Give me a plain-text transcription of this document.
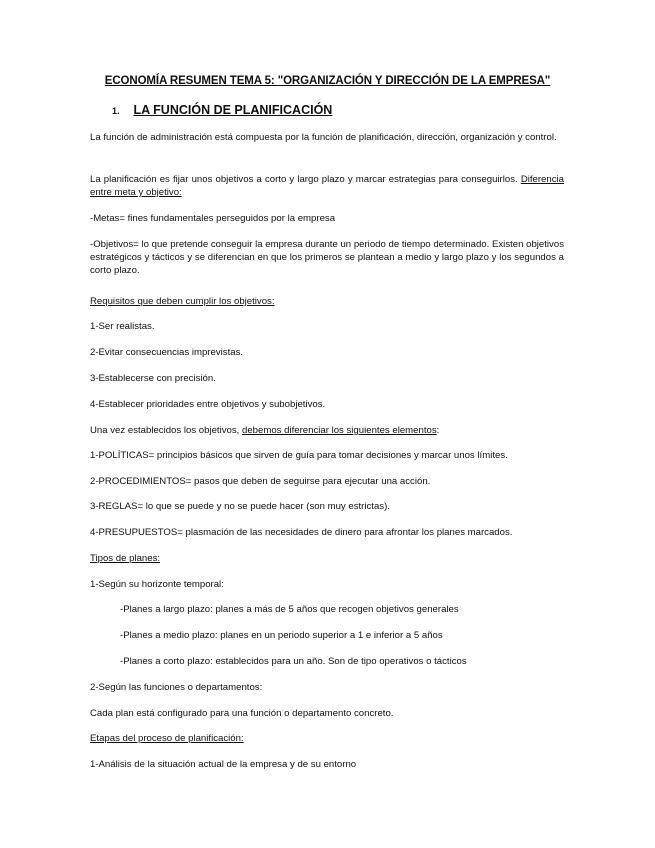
ECONOMÍA RESUMEN TEMA 5: "ORGANIZACIÓN Y DIRECCIÓN DE LA EMPRESA"
1. LA FUNCIÓN DE PLANIFICACIÓN
La función de administración está compuesta por la función de planificación, dirección, organización y control.
La planificación es fijar unos objetivos a corto y largo plazo y marcar estrategias para conseguirlos. Diferencia entre meta y objetivo:
-Metas= fines fundamentales perseguidos por la empresa
-Objetivos= lo que pretende conseguir la empresa durante un periodo de tiempo determinado. Existen objetivos estratégicos y tácticos y se diferencian en que los primeros se plantean a medio y largo plazo y los segundos a corto plazo.
Requisitos que deben cumplir los objetivos:
1-Ser realistas.
2-Evitar consecuencias imprevistas.
3-Establecerse con precisión.
4-Establecer prioridades entre objetivos y subobjetivos.
Una vez establecidos los objetivos, debemos diferenciar los siguientes elementos:
1-POLÍTICAS= principios básicos que sirven de guía para tomar decisiones y marcar unos límites.
2-PROCEDIMIENTOS= pasos que deben de seguirse para ejecutar una acción.
3-REGLAS= lo que se puede y no se puede hacer (son muy estrictas).
4-PRESUPUESTOS= plasmación de las necesidades de dinero para afrontar los planes marcados.
Tipos de planes:
1-Según su horizonte temporal:
-Planes a largo plazo: planes a más de 5 años que recogen objetivos generales
-Planes a medio plazo: planes en un periodo superior a 1 e inferior a 5 años
-Planes a corto plazo: establecidos para un año. Son de tipo operativos o tácticos
2-Según las funciones o departamentos:
Cada plan está configurado para una función o departamento concreto.
Etapas del proceso de planificación:
1-Análisis de la situación actual de la empresa y de su entorno
